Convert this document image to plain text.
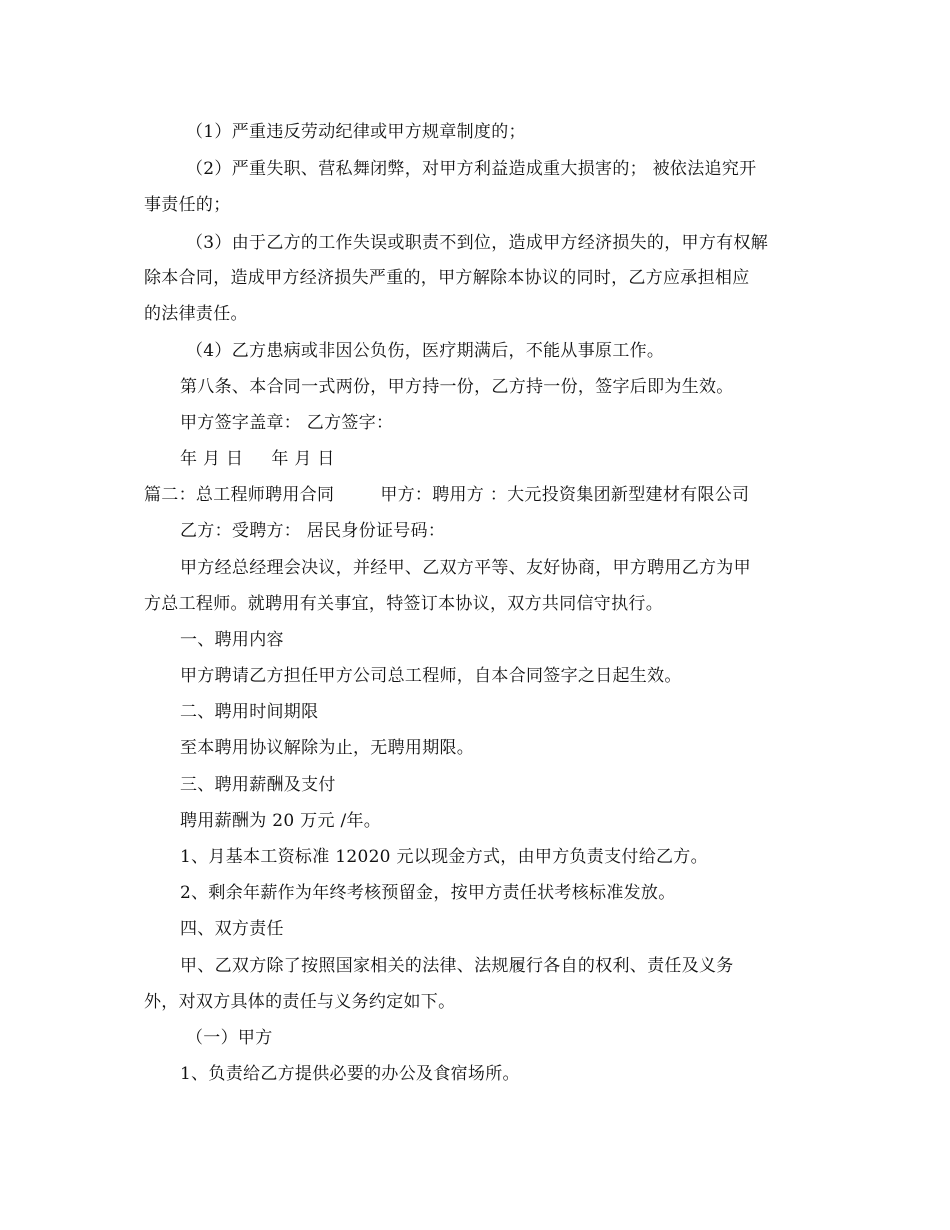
（1）严重违反劳动纪律或甲方规章制度的；
（2）严重失职、营私舞闭弊，对甲方利益造成重大损害的； 被依法追究开
事责任的；
（3）由于乙方的工作失误或职责不到位，造成甲方经济损失的，甲方有权解
除本合同，造成甲方经济损失严重的，甲方解除本协议的同时，乙方应承担相应
的法律责任。
（4）乙方患病或非因公负伤，医疗期满后，不能从事原工作。
第八条、本合同一式两份，甲方持一份，乙方持一份，签字后即为生效。
甲方签字盖章： 乙方签字：
年 月 日 年 月 日
篇二：总工程师聘用合同	甲方：聘用方 ：大元投资集团新型建材有限公司
乙方：受聘方： 居民身份证号码：
甲方经总经理会决议，并经甲、乙双方平等、友好协商，甲方聘用乙方为甲
方总工程师。就聘用有关事宜，特签订本协议，双方共同信守执行。
一、聘用内容
甲方聘请乙方担任甲方公司总工程师，自本合同签字之日起生效。
二、聘用时间期限
至本聘用协议解除为止，无聘用期限。
三、聘用薪酬及支付
聘用薪酬为 20 万元 /年。
1、月基本工资标准 12020 元以现金方式，由甲方负责支付给乙方。
2、剩余年薪作为年终考核预留金，按甲方责任状考核标准发放。
四、双方责任
甲、乙双方除了按照国家相关的法律、法规履行各自的权利、责任及义务
外，对双方具体的责任与义务约定如下。
（一）甲方
1、负责给乙方提供必要的办公及食宿场所。
